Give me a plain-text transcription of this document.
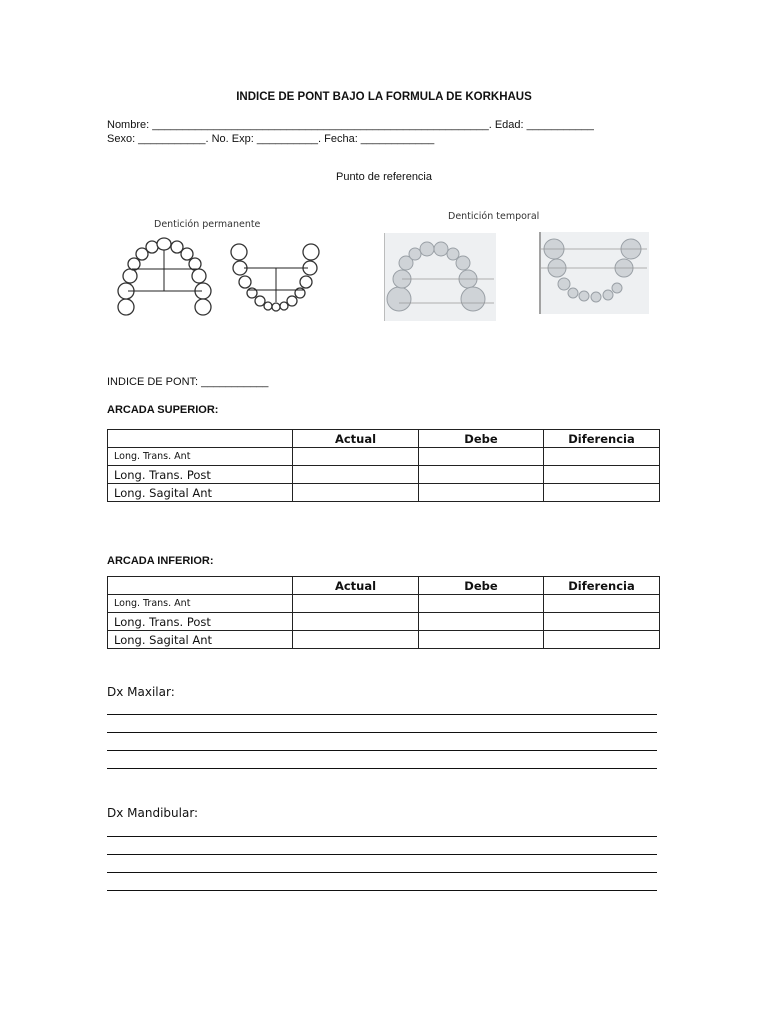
INDICE DE PONT BAJO LA FORMULA DE KORKHAUS
Nombre: _______________________________________________________. Edad: ___________
Sexo: ___________. No. Exp: __________. Fecha: ____________
Punto de referencia
Dentición permanente
Dentición temporal
INDICE DE PONT: ___________
ARCADA SUPERIOR:
	Actual	Debe	Diferencia
Long. Trans. Ant			
Long. Trans. Post			
Long. Sagital Ant			
ARCADA INFERIOR:
	Actual	Debe	Diferencia
Long. Trans. Ant			
Long. Trans. Post			
Long. Sagital Ant			
Dx Maxilar:
Dx Mandibular:
